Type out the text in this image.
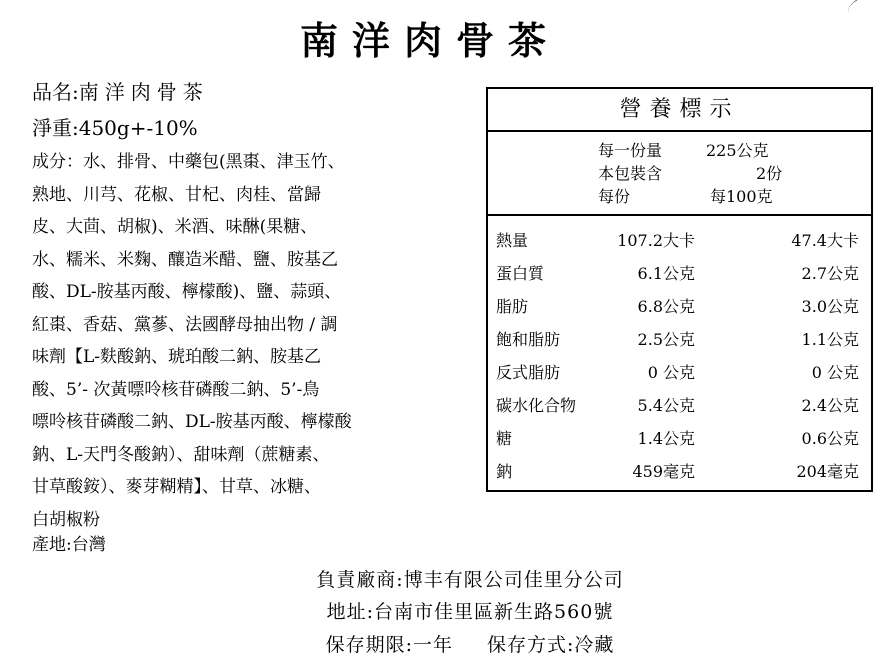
南洋肉骨茶
品名:南洋肉骨茶
淨重:450g+-10%
成分：水、排骨、中藥包(黑棗、津玉竹、
熟地、川芎、花椒、甘杞、肉桂、當歸
皮、大茴、胡椒)、米酒、味醂(果糖、
水、糯米、米麴、釀造米醋、鹽、胺基乙
酸、DL-胺基丙酸、檸檬酸)、鹽、蒜頭、
紅棗、香菇、黨蔘、法國酵母抽出物 / 調
味劑【L-麩酸鈉、琥珀酸二鈉、胺基乙
酸、5’- 次黃嘌呤核苷磷酸二鈉、5’-鳥
嘌呤核苷磷酸二鈉、DL-胺基丙酸、檸檬酸
鈉、L-天門冬酸鈉）、甜味劑（蔗糖素、
甘草酸銨）、麥芽糊精】、甘草、冰糖、
白胡椒粉
產地:台灣
營養標示
每一份量	225公克
本包裝含	2份
每份	每100克
熱量	107.2大卡	47.4大卡
蛋白質	6.1公克	2.7公克
脂肪	6.8公克	3.0公克
飽和脂肪	2.5公克	1.1公克
反式脂肪	0 公克	0 公克
碳水化合物	5.4公克	2.4公克
糖	1.4公克	0.6公克
鈉	459毫克	204毫克
負責廠商:博丰有限公司佳里分公司
地址:台南市佳里區新生路560號
保存期限:一年 保存方式:冷藏
